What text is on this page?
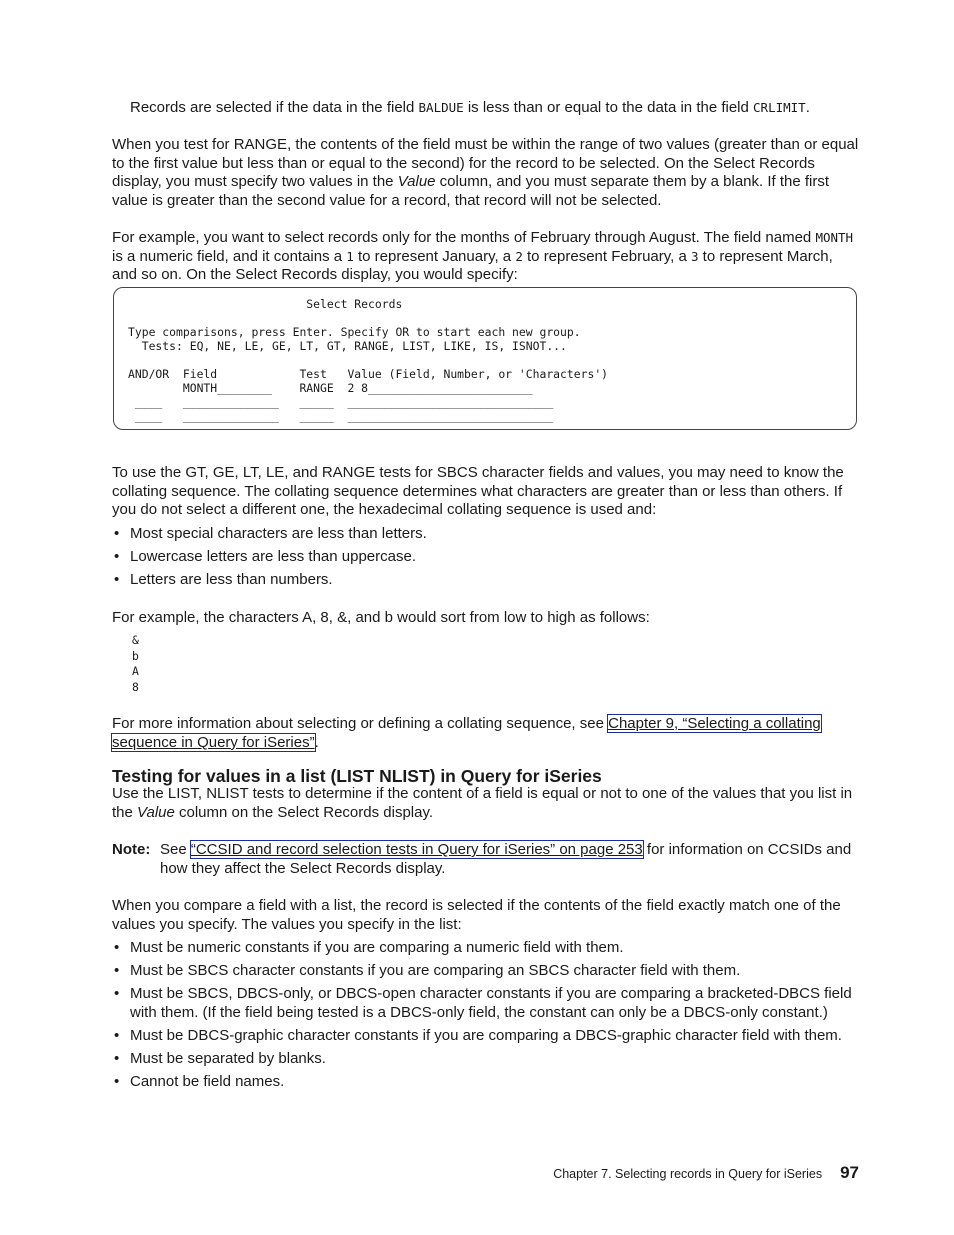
Records are selected if the data in the field BALDUE is less than or equal to the data in the field CRLIMIT.

When you test for RANGE, the contents of the field must be within the range of two values (greater than or equal to the first value but less than or equal to the second) for the record to be selected. On the Select Records display, you must specify two values in the Value column, and you must separate them by a blank. If the first value is greater than the second value for a record, that record will not be selected.

For example, you want to select records only for the months of February through August. The field named MONTH is a numeric field, and it contains a 1 to represent January, a 2 to represent February, a 3 to represent March, and so on. On the Select Records display, you would specify:

To use the GT, GE, LT, LE, and RANGE tests for SBCS character fields and values, you may need to know the collating sequence. The collating sequence determines what characters are greater than or less than others. If you do not select a different one, the hexadecimal collating sequence is used and:

• Most special characters are less than letters.
• Lowercase letters are less than uppercase.
• Letters are less than numbers.

For example, the characters A, 8, &, and b would sort from low to high as follows:

&
b
A
8

For more information about selecting or defining a collating sequence, see Chapter 9, “Selecting a collating
sequence in Query for iSeries”.

Testing for values in a list (LIST NLIST) in Query for iSeries

Use the LIST, NLIST tests to determine if the content of a field is equal or not to one of the values that you list in the Value column on the Select Records display.

Note: See “CCSID and record selection tests in Query for iSeries” on page 253 for information on CCSIDs and how they affect the Select Records display.

When you compare a field with a list, the record is selected if the contents of the field exactly match one of the values you specify. The values you specify in the list:

• Must be numeric constants if you are comparing a numeric field with them.
• Must be SBCS character constants if you are comparing an SBCS character field with them.
• Must be SBCS, DBCS-only, or DBCS-open character constants if you are comparing a bracketed-DBCS field with them. (If the field being tested is a DBCS-only field, the constant can only be a DBCS-only constant.)
• Must be DBCS-graphic character constants if you are comparing a DBCS-graphic character field with them.
• Must be separated by blanks.
• Cannot be field names.
Select Records
Type comparisons, press Enter. Specify OR to start each new group.
Tests: EQ, NE, LE, GE, LT, GT, RANGE, LIST, LIKE, IS, ISNOT...
AND/OR  Field            Test   Value (Field, Number, or 'Characters')
MONTH________    RANGE  2 8________________________
____   ______________   _____  ______________________________
____   ______________   _____  ______________________________
Chapter 7. Selecting records in Query for iSeries 97
